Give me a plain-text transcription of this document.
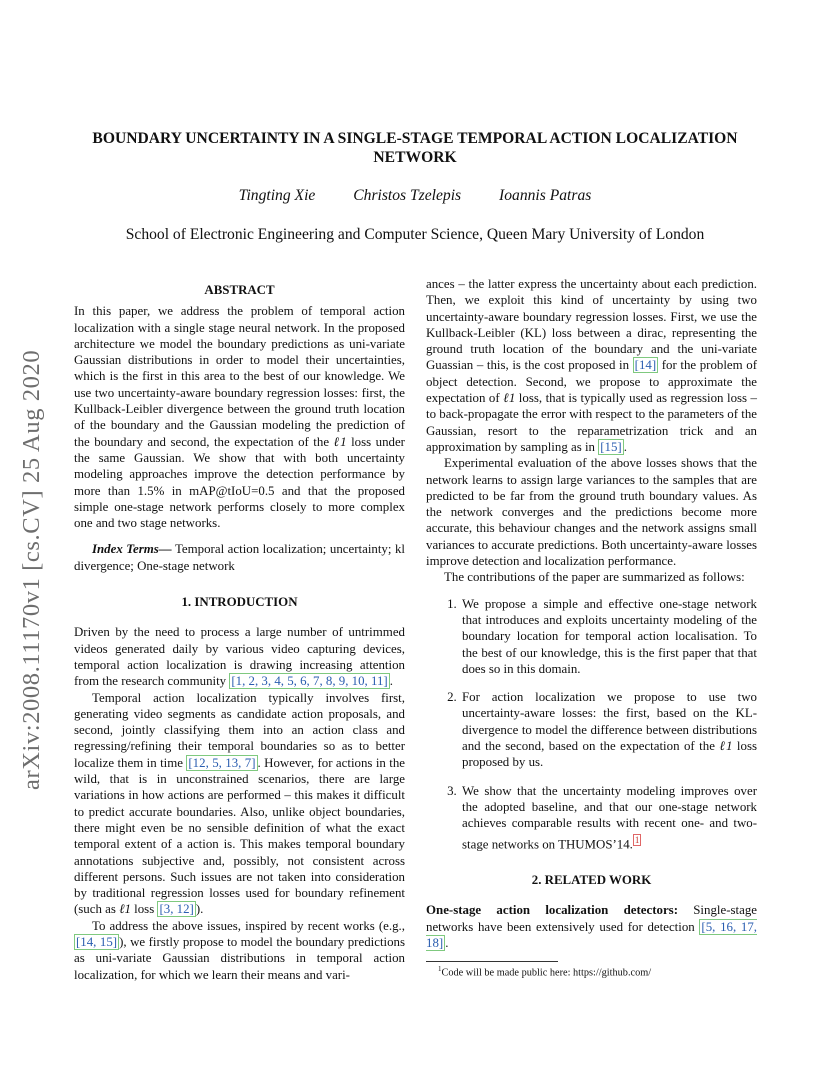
arXiv:2008.11170v1 [cs.CV] 25 Aug 2020
BOUNDARY UNCERTAINTY IN A SINGLE-STAGE TEMPORAL ACTION LOCALIZATION NETWORK
Tingting Xie Christos Tzelepis Ioannis Patras
School of Electronic Engineering and Computer Science, Queen Mary University of London
ABSTRACT

In this paper, we address the problem of temporal action localization with a single stage neural network. In the proposed architecture we model the boundary predictions as uni-variate Gaussian distributions in order to model their uncertainties, which is the first in this area to the best of our knowledge. We use two uncertainty-aware boundary regression losses: first, the Kullback-Leibler divergence between the ground truth location of the boundary and the Gaussian modeling the prediction of the boundary and second, the expectation of the ℓ1 loss under the same Gaussian. We show that with both uncertainty modeling approaches improve the detection performance by more than 1.5% in mAP@tIoU=0.5 and that the proposed simple one-stage network performs closely to more complex one and two stage networks.

Index Terms— Temporal action localization; uncertainty; kl divergence; One-stage network

1. INTRODUCTION

Driven by the need to process a large number of untrimmed videos generated daily by various video capturing devices, temporal action localization is drawing increasing attention from the research community [1, 2, 3, 4, 5, 6, 7, 8, 9, 10, 11] .

Temporal action localization typically involves first, generating video segments as candidate action proposals, and second, jointly classifying them into an action class and regressing/refining their temporal boundaries so as to better localize them in time [12, 5, 13, 7] . However, for actions in the wild, that is in unconstrained scenarios, there are large variations in how actions are performed – this makes it difficult to predict accurate boundaries. Also, unlike object boundaries, there might even be no sensible definition of what the exact temporal extent of a action is. This makes temporal boundary annotations subjective and, possibly, not consistent across different persons. Such issues are not taken into consideration by traditional regression losses used for boundary refinement (such as ℓ1 loss [3, 12] ).

To address the above issues, inspired by recent works (e.g., [14, 15] ), we firstly propose to model the boundary predictions as uni-variate Gaussian distributions in temporal action localization, for which we learn their means and vari-

ances – the latter express the uncertainty about each prediction. Then, we exploit this kind of uncertainty by using two uncertainty-aware boundary regression losses. First, we use the Kullback-Leibler (KL) loss between a dirac, representing the ground truth location of the boundary and the uni-variate Guassian – this, is the cost proposed in [14] for the problem of object detection. Second, we propose to approximate the expectation of ℓ1 loss, that is typically used as regression loss – to back-propagate the error with respect to the parameters of the Gaussian, resort to the reparametrization trick and an approximation by sampling as in [15] .

Experimental evaluation of the above losses shows that the network learns to assign large variances to the samples that are predicted to be far from the ground truth boundary values. As the network converges and the predictions become more accurate, this behaviour changes and the network assigns small variances to accurate predictions. Both uncertainty-aware losses improve detection and localization performance.

The contributions of the paper are summarized as follows:

1. We propose a simple and effective one-stage network that introduces and exploits uncertainty modeling of the boundary location for temporal action localisation. To the best of our knowledge, this is the first paper that that does so in this domain.
2. For action localization we propose to use two uncertainty-aware losses: the first, based on the KL-divergence to model the difference between distributions and the second, based on the expectation of the ℓ1 loss proposed by us.
3. We show that the uncertainty modeling improves over the adopted baseline, and that our one-stage network achieves comparable results with recent one- and two-stage networks on THUMOS’14. $^1$
2. RELATED WORK

One-stage action localization detectors: Single-stage networks have been extensively used for detection [5, 16, 17, 18] .

$^1$Code will be made public here: https://github.com/
